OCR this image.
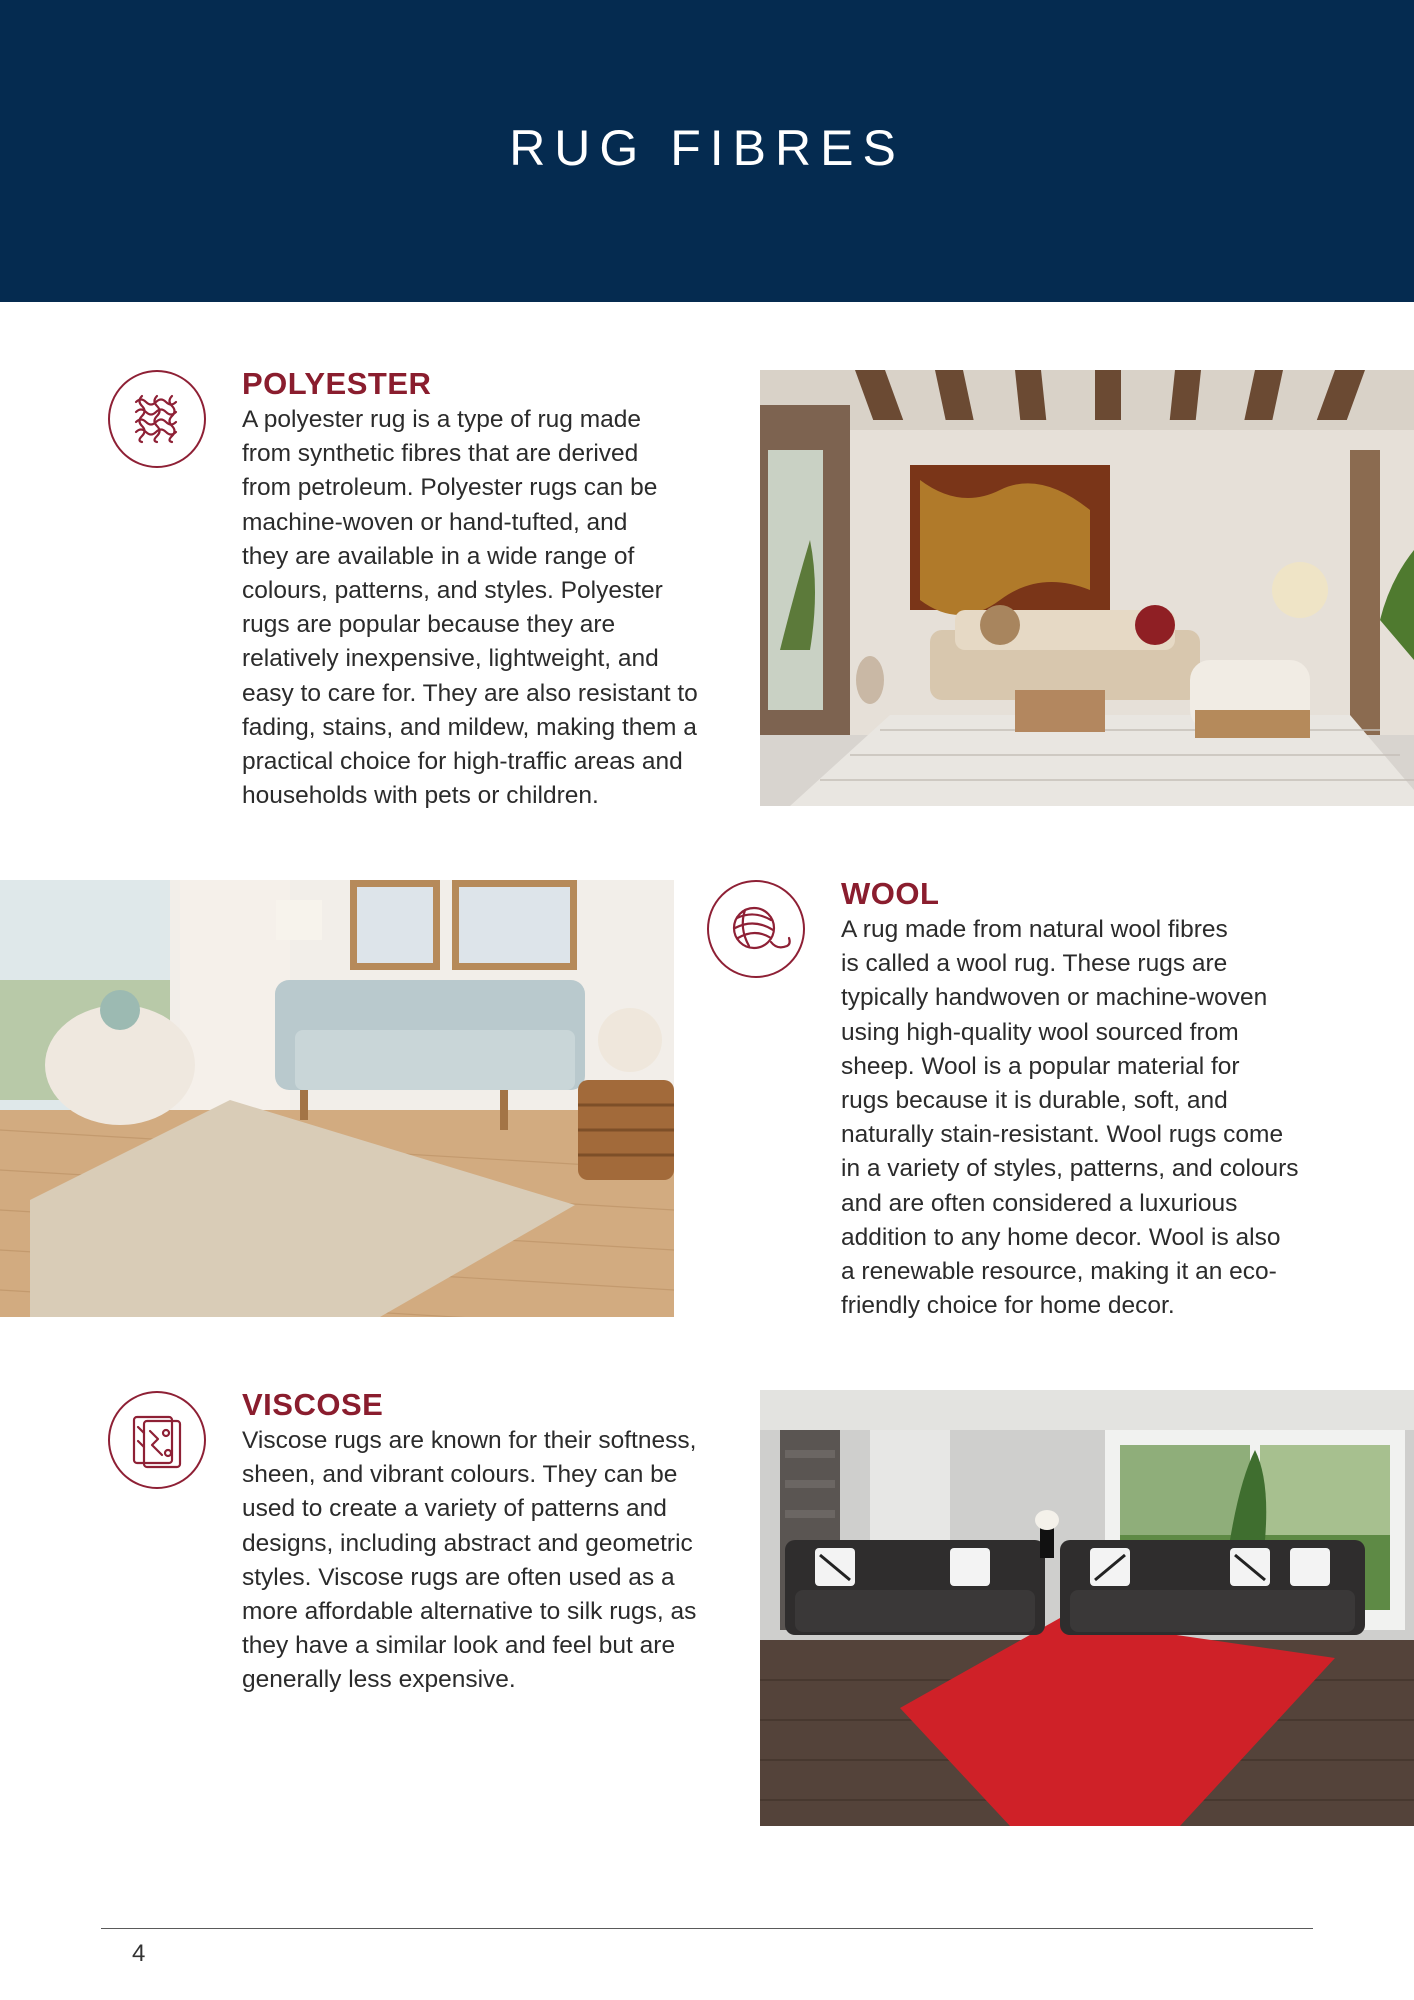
RUG FIBRES
POLYESTER
A polyester rug is a type of rug made
from synthetic fibres that are derived
from petroleum. Polyester rugs can be
machine-woven or hand-tufted, and
they are available in a wide range of
colours, patterns, and styles. Polyester
rugs are popular because they are
relatively inexpensive, lightweight, and
easy to care for. They are also resistant to
fading, stains, and mildew, making them a
practical choice for high-traffic areas and
households with pets or children.
WOOL
A rug made from natural wool fibres
is called a wool rug. These rugs are
typically handwoven or machine-woven
using high-quality wool sourced from
sheep. Wool is a popular material for
rugs because it is durable, soft, and
naturally stain-resistant. Wool rugs come
in a variety of styles, patterns, and colours
and are often considered a luxurious
addition to any home decor. Wool is also
a renewable resource, making it an eco-
friendly choice for home decor.
VISCOSE
Viscose rugs are known for their softness,
sheen, and vibrant colours. They can be
used to create a variety of patterns and
designs, including abstract and geometric
styles. Viscose rugs are often used as a
more affordable alternative to silk rugs, as
they have a similar look and feel but are
generally less expensive.
4
